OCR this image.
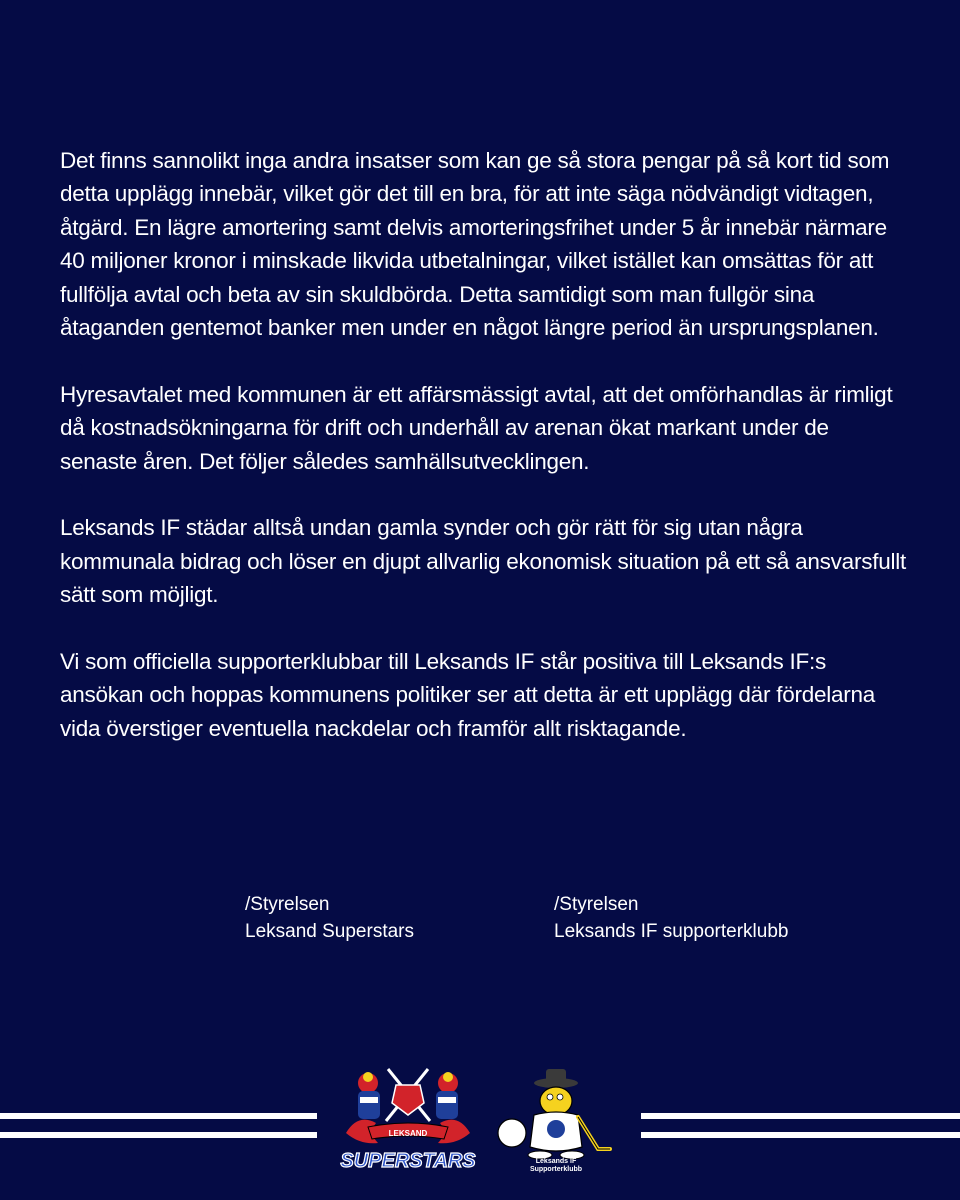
Det finns sannolikt inga andra insatser som kan ge så stora pengar på så kort tid som detta upplägg innebär, vilket gör det till en bra, för att inte säga nödvändigt vidtagen, åtgärd. En lägre amortering samt delvis amorteringsfrihet under 5 år innebär närmare 40 miljoner kronor i minskade likvida utbetalningar, vilket istället kan omsättas för att fullfölja avtal och beta av sin skuldbörda. Detta samtidigt som man fullgör sina åtaganden gentemot banker men under en något längre period än ursprungsplanen.

Hyresavtalet med kommunen är ett affärsmässigt avtal, att det omförhandlas är rimligt då kostnadsökningarna för drift och underhåll av arenan ökat markant under de senaste åren. Det följer således samhällsutvecklingen.

Leksands IF städar alltså undan gamla synder och gör rätt för sig utan några kommunala bidrag och löser en djupt allvarlig ekonomisk situation på ett så ansvarsfullt sätt som möjligt.

Vi som officiella supporterklubbar till Leksands IF står positiva till Leksands IF:s ansökan och hoppas kommunens politiker ser att detta är ett upplägg där fördelarna vida överstiger eventuella nackdelar och framför allt risktagande.

/Styrelsen
Leksand Superstars
/Styrelsen
Leksands IF supporterklubb
LEKSAND
SUPERSTARS	Leksands IF
Supporterklubb
